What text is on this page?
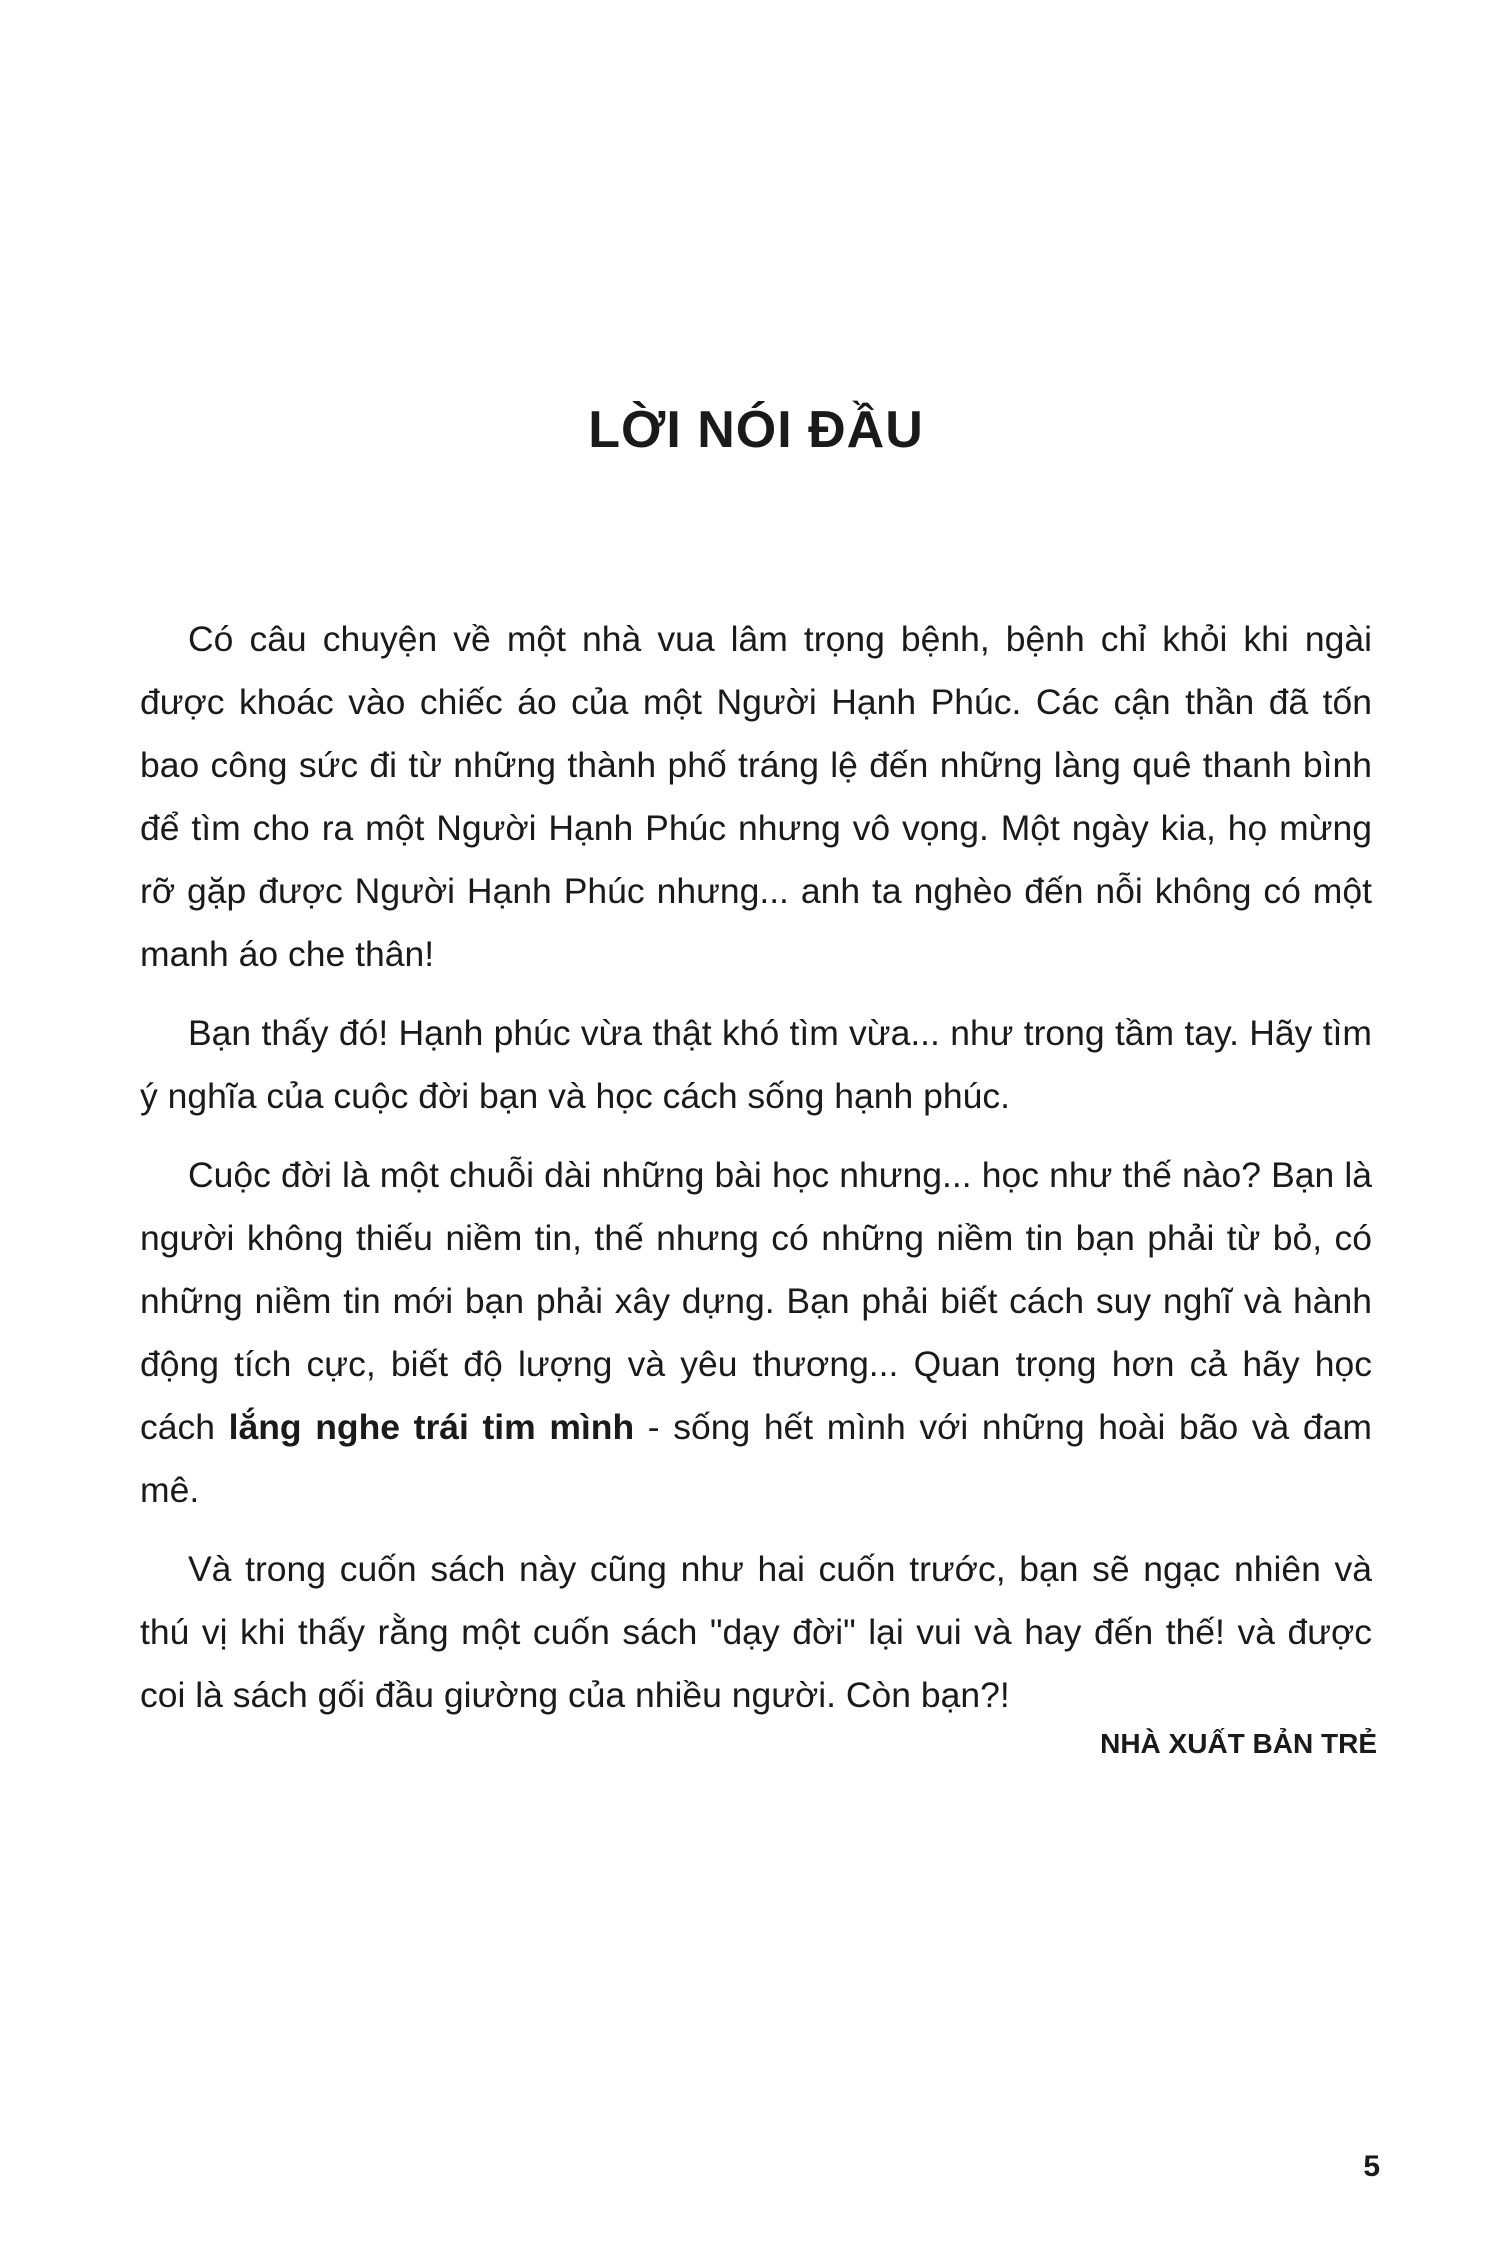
LỜI NÓI ĐẦU

Có câu chuyện về một nhà vua lâm trọng bệnh, bệnh chỉ khỏi khi ngài được khoác vào chiếc áo của một Người Hạnh Phúc. Các cận thần đã tốn bao công sức đi từ những thành phố tráng lệ đến những làng quê thanh bình để tìm cho ra một Người Hạnh Phúc nhưng vô vọng. Một ngày kia, họ mừng rỡ gặp được Người Hạnh Phúc nhưng... anh ta nghèo đến nỗi không có một manh áo che thân!

Bạn thấy đó! Hạnh phúc vừa thật khó tìm vừa... như trong tầm tay. Hãy tìm ý nghĩa của cuộc đời bạn và học cách sống hạnh phúc.

Cuộc đời là một chuỗi dài những bài học nhưng... học như thế nào? Bạn là người không thiếu niềm tin, thế nhưng có những niềm tin bạn phải từ bỏ, có những niềm tin mới bạn phải xây dựng. Bạn phải biết cách suy nghĩ và hành động tích cực, biết độ lượng và yêu thương... Quan trọng hơn cả hãy học cách lắng nghe trái tim mình - sống hết mình với những hoài bão và đam mê.

Và trong cuốn sách này cũng như hai cuốn trước, bạn sẽ ngạc nhiên và thú vị khi thấy rằng một cuốn sách "dạy đời" lại vui và hay đến thế! và được coi là sách gối đầu giường của nhiều người. Còn bạn?!

NHÀ XUẤT BẢN TRẺ

5
